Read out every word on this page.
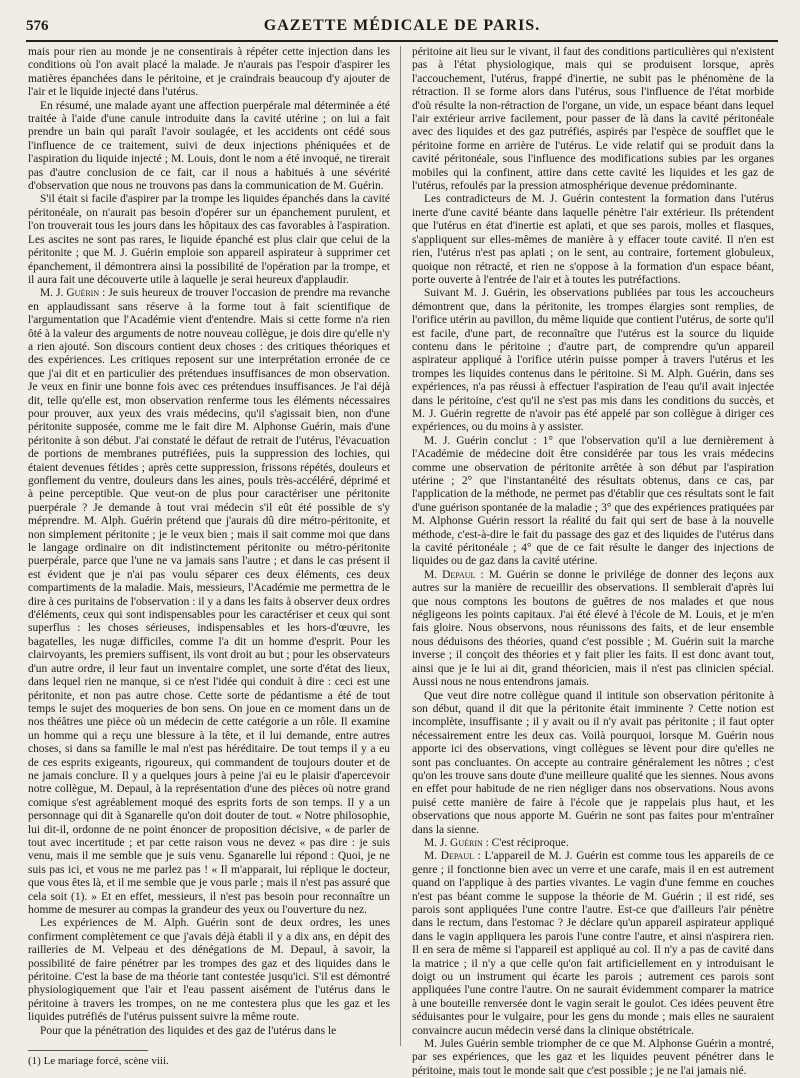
576	GAZETTE MÉDICALE DE PARIS.

mais pour rien au monde je ne consentirais à répéter cette injection dans les conditions où l'on avait placé la malade. Je n'aurais pas l'espoir d'aspirer les matières épanchées dans le péritoine, et je craindrais beaucoup d'y ajouter de l'air et le liquide injecté dans l'utérus.

En résumé, une malade ayant une affection puerpérale mal déterminée a été traitée à l'aide d'une canule introduite dans la cavité utérine ; on lui a fait prendre un bain qui paraît l'avoir soulagée, et les accidents ont cédé sous l'influence de ce traitement, suivi de deux injections phéniquées et de l'aspiration du liquide injecté ; M. Louis, dont le nom a été invoqué, ne tirerait pas d'autre conclusion de ce fait, car il nous a habitués à une sévérité d'observation que nous ne trouvons pas dans la communication de M. Guérin.

S'il était si facile d'aspirer par la trompe les liquides épanchés dans la cavité péritonéale, on n'aurait pas besoin d'opérer sur un épanchement purulent, et l'on trouverait tous les jours dans les hôpitaux des cas favorables à l'aspiration. Les ascites ne sont pas rares, le liquide épanché est plus clair que celui de la péritonite ; que M. J. Guérin emploie son appareil aspirateur à supprimer cet épanchement, il démontrera ainsi la possibilité de l'opération par la trompe, et il aura fait une découverte utile à laquelle je serai heureux d'applaudir.

M. J. Guérin : Je suis heureux de trouver l'occasion de prendre ma revanche en applaudissant sans réserve à la forme tout à fait scientifique de l'argumentation que l'Académie vient d'entendre. Mais si cette forme n'a rien ôté à la valeur des arguments de notre nouveau collègue, je dois dire qu'elle n'y a rien ajouté. Son discours contient deux choses : des critiques théoriques et des expériences. Les critiques reposent sur une interprétation erronée de ce que j'ai dit et en particulier des prétendues insuffisances de mon observation. Je veux en finir une bonne fois avec ces prétendues insuffisances. Je l'ai déjà dit, telle qu'elle est, mon observation renferme tous les éléments nécessaires pour prouver, aux yeux des vrais médecins, qu'il s'agissait bien, non d'une péritonite supposée, comme me le fait dire M. Alphonse Guérin, mais d'une péritonite à son début. J'ai constaté le défaut de retrait de l'utérus, l'évacuation de portions de membranes putréfiées, puis la suppression des lochies, qui étaient devenues fétides ; après cette suppression, frissons répétés, douleurs et gonflement du ventre, douleurs dans les aines, pouls très-accéléré, déprimé et à peine perceptible. Que veut-on de plus pour caractériser une péritonite puerpérale ? Je demande à tout vrai médecin s'il eût été possible de s'y méprendre. M. Alph. Guérin prétend que j'aurais dû dire métro-péritonite, et non simplement péritonite ; je le veux bien ; mais il sait comme moi que dans le langage ordinaire on dit indistinctement péritonite ou métro-péritonite puerpérale, parce que l'une ne va jamais sans l'autre ; et dans le cas présent il est évident que je n'ai pas voulu séparer ces deux éléments, ces deux compartiments de la maladie. Mais, messieurs, l'Académie me permettra de le dire à ces puritains de l'observation : il y a dans les faits à observer deux ordres d'éléments, ceux qui sont indispensables pour les caractériser et ceux qui sont superflus : les choses sérieuses, indispensables et les hors-d'œuvre, les bagatelles, les nugæ difficiles, comme l'a dit un homme d'esprit. Pour les clairvoyants, les premiers suffisent, ils vont droit au but ; pour les observateurs d'un autre ordre, il leur faut un inventaire complet, une sorte d'état des lieux, dans lequel rien ne manque, si ce n'est l'idée qui conduit à dire : ceci est une péritonite, et non pas autre chose. Cette sorte de pédantisme a été de tout temps le sujet des moqueries de bon sens. On joue en ce moment dans un de nos théâtres une pièce où un médecin de cette catégorie a un rôle. Il examine un homme qui a reçu une blessure à la tête, et il lui demande, entre autres choses, si dans sa famille le mal n'est pas héréditaire. De tout temps il y a eu de ces esprits exigeants, rigoureux, qui commandent de toujours douter et de ne jamais conclure. Il y a quelques jours à peine j'ai eu le plaisir d'apercevoir notre collègue, M. Depaul, à la représentation d'une des pièces où notre grand comique s'est agréablement moqué des esprits forts de son temps. Il y a un personnage qui dit à Sganarelle qu'on doit douter de tout. « Notre philosophie, lui dit-il, ordonne de ne point énoncer de proposition décisive, « de parler de tout avec incertitude ; et par cette raison vous ne devez « pas dire : je suis venu, mais il me semble que je suis venu. Sganarelle lui répond : Quoi, je ne suis pas ici, et vous ne me parlez pas ! « Il m'apparait, lui réplique le docteur, que vous êtes là, et il me semble que je vous parle ; mais il n'est pas assuré que cela soit (1). » Et en effet, messieurs, il n'est pas besoin pour reconnaître un homme de mesurer au compas la grandeur des yeux ou l'ouverture du nez.

Les expériences de M. Alph. Guérin sont de deux ordres, les unes confirment complètement ce que j'avais déjà établi il y a dix ans, en dépit des railleries de M. Velpeau et des dénégations de M. Depaul, à savoir, la possibilité de faire pénétrer par les trompes des gaz et des liquides dans le péritoine. C'est la base de ma théorie tant contestée jusqu'ici. S'il est démontré physiologiquement que l'air et l'eau passent aisément de l'utérus dans le péritoine à travers les trompes, on ne me contestera plus que les gaz et les liquides putréfiés de l'utérus puissent suivre la même route.

Pour que la pénétration des liquides et des gaz de l'utérus dans le

(1) Le mariage forcé, scène viii.

péritoine ait lieu sur le vivant, il faut des conditions particulières qui n'existent pas à l'état physiologique, mais qui se produisent lorsque, après l'accouchement, l'utérus, frappé d'inertie, ne subit pas le phénomène de la rétraction. Il se forme alors dans l'utérus, sous l'influence de l'état morbide d'où résulte la non-rétraction de l'organe, un vide, un espace béant dans lequel l'air extérieur arrive facilement, pour passer de là dans la cavité péritonéale avec des liquides et des gaz putréfiés, aspirés par l'espèce de soufflet que le péritoine forme en arrière de l'utérus. Le vide relatif qui se produit dans la cavité péritonéale, sous l'influence des modifications subies par les organes mobiles qui la confinent, attire dans cette cavité les liquides et les gaz de l'utérus, refoulés par la pression atmosphérique devenue prédominante.

Les contradicteurs de M. J. Guérin contestent la formation dans l'utérus inerte d'une cavité béante dans laquelle pénètre l'air extérieur. Ils prétendent que l'utérus en état d'inertie est aplati, et que ses parois, molles et flasques, s'appliquent sur elles-mêmes de manière à y effacer toute cavité. Il n'en est rien, l'utérus n'est pas aplati ; on le sent, au contraire, fortement globuleux, quoique non rétracté, et rien ne s'oppose à la formation d'un espace béant, porte ouverte à l'entrée de l'air et à toutes les putréfactions.

Suivant M. J. Guérin, les observations publiées par tous les accoucheurs démontrent que, dans la péritonite, les trompes élargies sont remplies, de l'orifice utérin au pavillon, du même liquide que contient l'utérus, de sorte qu'il est facile, d'une part, de reconnaître que l'utérus est la source du liquide contenu dans le péritoine ; d'autre part, de comprendre qu'un appareil aspirateur appliqué à l'orifice utérin puisse pomper à travers l'utérus et les trompes les liquides contenus dans le péritoine. Si M. Alph. Guérin, dans ses expériences, n'a pas réussi à effectuer l'aspiration de l'eau qu'il avait injectée dans le péritoine, c'est qu'il ne s'est pas mis dans les conditions du succès, et M. J. Guérin regrette de n'avoir pas été appelé par son collègue à diriger ces expériences, ou du moins à y assister.

M. J. Guérin conclut : 1° que l'observation qu'il a lue dernièrement à l'Académie de médecine doit être considérée par tous les vrais médecins comme une observation de péritonite arrêtée à son début par l'aspiration utérine ; 2° que l'instantanéité des résultats obtenus, dans ce cas, par l'application de la méthode, ne permet pas d'établir que ces résultats sont le fait d'une guérison spontanée de la maladie ; 3° que des expériences pratiquées par M. Alphonse Guérin ressort la réalité du fait qui sert de base à la nouvelle méthode, c'est-à-dire le fait du passage des gaz et des liquides de l'utérus dans la cavité péritonéale ; 4° que de ce fait résulte le danger des injections de liquides ou de gaz dans la cavité utérine.

M. Depaul : M. Guérin se donne le privilége de donner des leçons aux autres sur la manière de recueillir des observations. Il semblerait d'après lui que nous comptons les boutons de guêtres de nos malades et que nous négligeons les points capitaux. J'ai été élevé à l'école de M. Louis, et je m'en fais gloire. Nous observons, nous réunissons des faits, et de leur ensemble nous déduisons des théories, quand c'est possible ; M. Guérin suit la marche inverse ; il conçoit des théories et y fait plier les faits. Il est donc avant tout, ainsi que je le lui ai dit, grand théoricien, mais il n'est pas clinicien spécial. Aussi nous ne nous entendrons jamais.

Que veut dire notre collègue quand il intitule son observation péritonite à son début, quand il dit que la péritonite était imminente ? Cette notion est incomplète, insuffisante ; il y avait ou il n'y avait pas péritonite ; il faut opter nécessairement entre les deux cas. Voilà pourquoi, lorsque M. Guérin nous apporte ici des observations, vingt collègues se lèvent pour dire qu'elles ne sont pas concluantes. On accepte au contraire généralement les nôtres ; c'est qu'on les trouve sans doute d'une meilleure qualité que les siennes. Nous avons en effet pour habitude de ne rien négliger dans nos observations. Nous avons puisé cette manière de faire à l'école que je rappelais plus haut, et les observations que nous apporte M. Guérin ne sont pas faites pour m'entraîner dans la sienne.

M. J. Guérin : C'est réciproque.

M. Depaul : L'appareil de M. J. Guérin est comme tous les appareils de ce genre ; il fonctionne bien avec un verre et une carafe, mais il en est autrement quand on l'applique à des parties vivantes. Le vagin d'une femme en couches n'est pas béant comme le suppose la théorie de M. Guérin ; il est ridé, ses parois sont appliquées l'une contre l'autre. Est-ce que d'ailleurs l'air pénètre dans le rectum, dans l'estomac ? Je déclare qu'un appareil aspirateur appliqué dans le vagin appliquera les parois l'une contre l'autre, et ainsi n'aspirera rien. Il en sera de même si l'appareil est appliqué au col. Il n'y a pas de cavité dans la matrice ; il n'y a que celle qu'on fait artificiellement en y introduisant le doigt ou un instrument qui écarte les parois ; autrement ces parois sont appliquées l'une contre l'autre. On ne saurait évidemment comparer la matrice à une bouteille renversée dont le vagin serait le goulot. Ces idées peuvent être séduisantes pour le vulgaire, pour les gens du monde ; mais elles ne sauraient convaincre aucun médecin versé dans la clinique obstétricale.

M. Jules Guérin semble triompher de ce que M. Alphonse Guérin a montré, par ses expériences, que les gaz et les liquides peuvent pénétrer dans le péritoine, mais tout le monde sait que c'est possible ; je ne l'ai jamais nié.
